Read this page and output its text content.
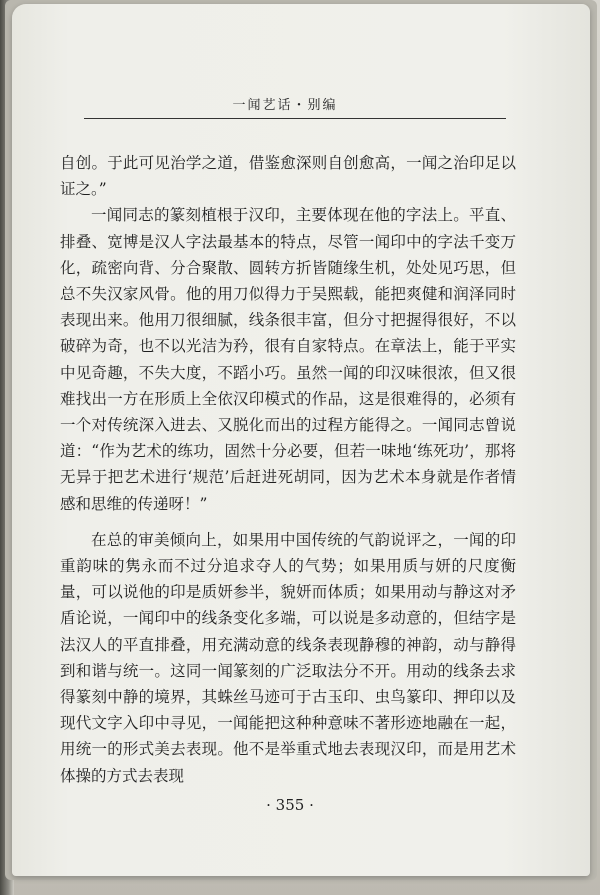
一闻艺话・别编

自创。于此可见治学之道，借鉴愈深则自创愈高，一闻之治印足以证之。”

一闻同志的篆刻植根于汉印，主要体现在他的字法上。平直、排叠、宽博是汉人字法最基本的特点，尽管一闻印中的字法千变万化，疏密向背、分合聚散、圆转方折皆随缘生机，处处见巧思，但总不失汉家风骨。他的用刀似得力于吴熙载，能把爽健和润泽同时表现出来。他用刀很细腻，线条很丰富，但分寸把握得很好，不以破碎为奇，也不以光洁为矜，很有自家特点。在章法上，能于平实中见奇趣，不失大度，不蹈小巧。虽然一闻的印汉味很浓，但又很难找出一方在形质上全依汉印模式的作品，这是很难得的，必须有一个对传统深入进去、又脱化而出的过程方能得之。一闻同志曾说道：“作为艺术的练功，固然十分必要，但若一味地‘练死功’，那将无异于把艺术进行‘规范’后赶进死胡同，因为艺术本身就是作者情感和思维的传递呀！”

在总的审美倾向上，如果用中国传统的气韵说评之，一闻的印重韵味的隽永而不过分追求夺人的气势；如果用质与妍的尺度衡量，可以说他的印是质妍参半，貌妍而体质；如果用动与静这对矛盾论说，一闻印中的线条变化多端，可以说是多动意的，但结字是法汉人的平直排叠，用充满动意的线条表现静穆的神韵，动与静得到和谐与统一。这同一闻篆刻的广泛取法分不开。用动的线条去求得篆刻中静的境界，其蛛丝马迹可于古玉印、虫鸟篆印、押印以及现代文字入印中寻见，一闻能把这种种意味不著形迹地融在一起，用统一的形式美去表现。他不是举重式地去表现汉印，而是用艺术体操的方式去表现

· 355 ·
